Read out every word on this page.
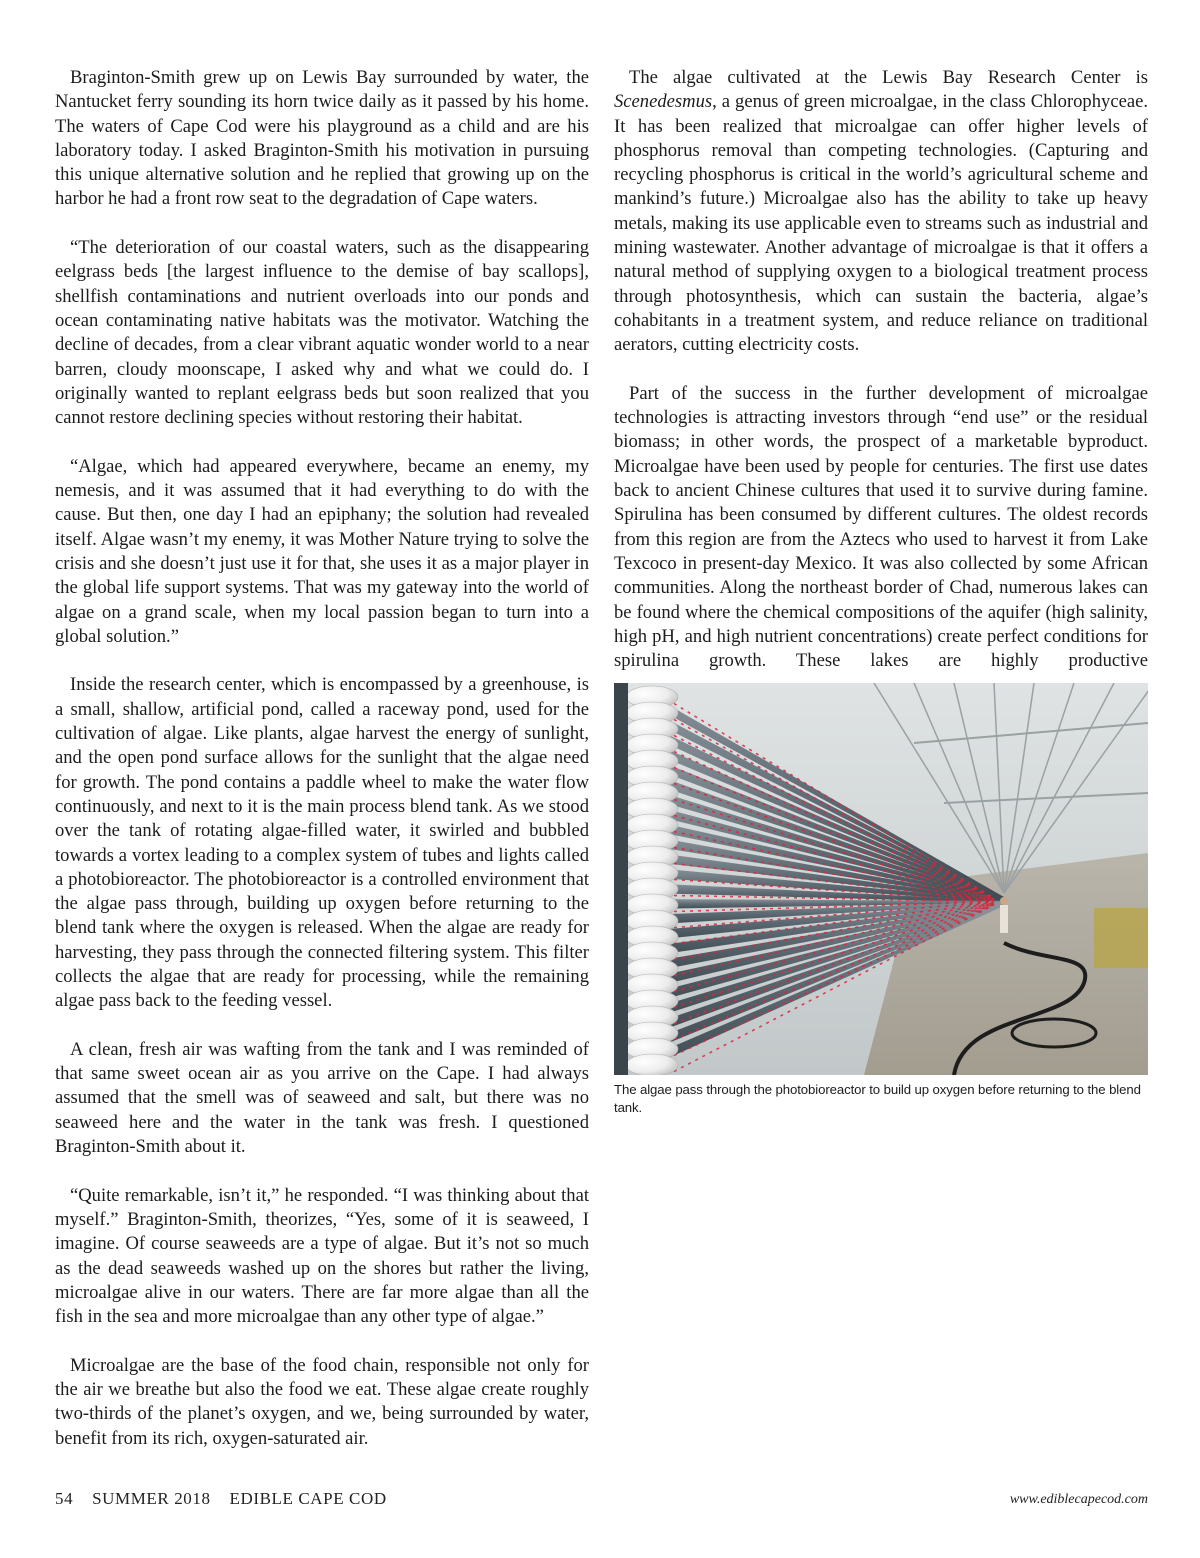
Braginton-Smith grew up on Lewis Bay surrounded by water, the Nantucket ferry sounding its horn twice daily as it passed by his home. The waters of Cape Cod were his playground as a child and are his laboratory today. I asked Braginton-Smith his motivation in pursuing this unique alternative solution and he replied that growing up on the harbor he had a front row seat to the degradation of Cape waters.

“The deterioration of our coastal waters, such as the disappearing eelgrass beds [the largest influence to the demise of bay scallops], shellfish contaminations and nutrient overloads into our ponds and ocean contaminating native habitats was the motivator. Watching the decline of decades, from a clear vibrant aquatic wonder world to a near barren, cloudy moonscape, I asked why and what we could do. I originally wanted to replant eelgrass beds but soon realized that you cannot restore declining species without restoring their habitat.

“Algae, which had appeared everywhere, became an enemy, my nemesis, and it was assumed that it had everything to do with the cause. But then, one day I had an epiphany; the solution had revealed itself. Algae wasn’t my enemy, it was Mother Nature trying to solve the crisis and she doesn’t just use it for that, she uses it as a major player in the global life support systems. That was my gateway into the world of algae on a grand scale, when my local passion began to turn into a global solution.”

Inside the research center, which is encompassed by a greenhouse, is a small, shallow, artificial pond, called a raceway pond, used for the cultivation of algae. Like plants, algae harvest the energy of sunlight, and the open pond surface allows for the sunlight that the algae need for growth. The pond contains a paddle wheel to make the water flow continuously, and next to it is the main process blend tank. As we stood over the tank of rotating algae-filled water, it swirled and bubbled towards a vortex leading to a complex system of tubes and lights called a photobioreactor. The photobioreactor is a controlled environment that the algae pass through, building up oxygen before returning to the blend tank where the oxygen is released. When the algae are ready for harvesting, they pass through the connected filtering system. This filter collects the algae that are ready for processing, while the remaining algae pass back to the feeding vessel.

A clean, fresh air was wafting from the tank and I was reminded of that same sweet ocean air as you arrive on the Cape. I had always assumed that the smell was of seaweed and salt, but there was no seaweed here and the water in the tank was fresh. I questioned Braginton-Smith about it.

“Quite remarkable, isn’t it,” he responded. “I was thinking about that myself.” Braginton-Smith, theorizes, “Yes, some of it is seaweed, I imagine. Of course seaweeds are a type of algae. But it’s not so much as the dead seaweeds washed up on the shores but rather the living, microalgae alive in our waters. There are far more algae than all the fish in the sea and more microalgae than any other type of algae.”

Microalgae are the base of the food chain, responsible not only for the air we breathe but also the food we eat. These algae create roughly two-thirds of the planet’s oxygen, and we, being surrounded by water, benefit from its rich, oxygen-saturated air.

The algae cultivated at the Lewis Bay Research Center is Scenedesmus, a genus of green microalgae, in the class Chlorophyceae. It has been realized that microalgae can offer higher levels of phosphorus removal than competing technologies. (Capturing and recycling phosphorus is critical in the world’s agricultural scheme and mankind’s future.) Microalgae also has the ability to take up heavy metals, making its use applicable even to streams such as industrial and mining wastewater. Another advantage of microalgae is that it offers a natural method of supplying oxygen to a biological treatment process through photosynthesis, which can sustain the bacteria, algae’s cohabitants in a treatment system, and reduce reliance on traditional aerators, cutting electricity costs.

Part of the success in the further development of microalgae technologies is attracting investors through “end use” or the residual biomass; in other words, the prospect of a marketable byproduct. Microalgae have been used by people for centuries. The first use dates back to ancient Chinese cultures that used it to survive during famine. Spirulina has been consumed by different cultures. The oldest records from this region are from the Aztecs who used to harvest it from Lake Texcoco in present-day Mexico. It was also collected by some African communities. Along the northeast border of Chad, numerous lakes can be found where the chemical compositions of the aquifer (high salinity, high pH, and high nutrient concentrations) create perfect conditions for spirulina growth. These lakes are highly productive

The algae pass through the photobioreactor to build up oxygen before returning to the blend tank.
54 SUMMER 2018 EDIBLE CAPE COD	www.ediblecapecod.com
